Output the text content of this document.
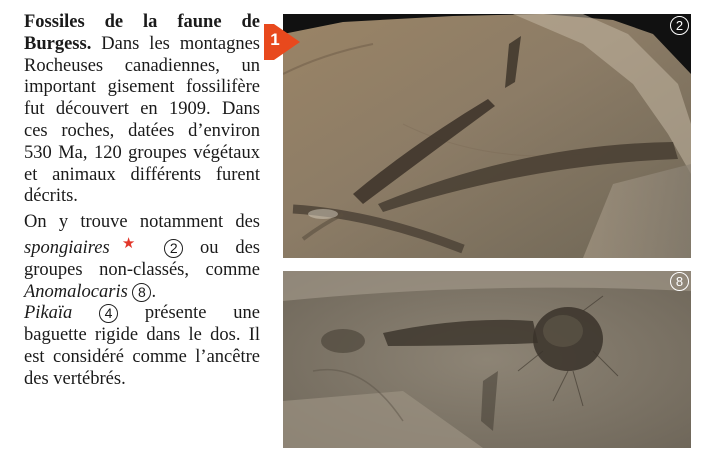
Fossiles de la faune de Burgess. Dans les montagnes Rocheuses canadiennes, un important gisement fossilifère fut découvert en 1909. Dans ces roches, datées d’environ 530 Ma, 120 groupes végétaux et animaux différents furent décrits.

On y trouve notamment des spongiaires★ 2 ou des groupes non-classés, comme Anomalocaris 8 .
Pikaïa 4 présente une baguette rigide dans le dos. Il est considéré comme l’ancêtre des vertébrés.

2
8
1
